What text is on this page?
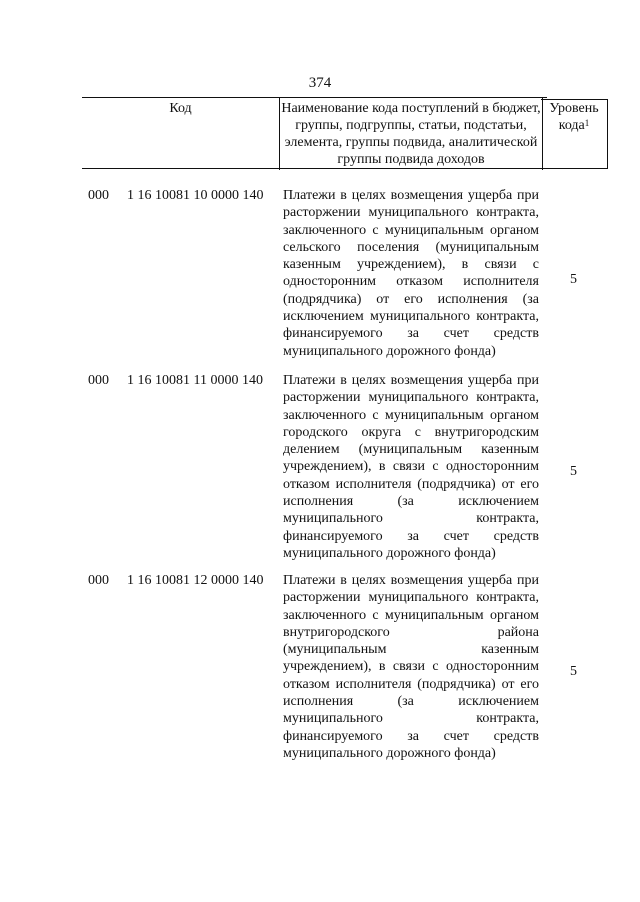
374
Код	Наименование кода поступлений в бюджет, группы, подгруппы, статьи, подстатьи, элемента, группы подвида, аналитической группы подвида доходов
Уровень кода$^1$
000 1 16 10081 10 0000 140 Платежи в целях возмещения ущерба при расторжении муниципального контракта, заключенного с муниципальным органом сельского поселения (муниципальным казенным учреждением), в связи с односторонним отказом исполнителя (подрядчика) от его исполнения (за исключением муниципального контракта, финансируемого за счет средств муниципального дорожного фонда)
5
000 1 16 10081 11 0000 140 Платежи в целях возмещения ущерба при расторжении муниципального контракта, заключенного с муниципальным органом городского округа с внутригородским делением (муниципальным казенным учреждением), в связи с односторонним отказом исполнителя (подрядчика) от его исполнения (за исключением муниципального контракта, финансируемого за счет средств муниципального дорожного фонда)
5
000 1 16 10081 12 0000 140 Платежи в целях возмещения ущерба при расторжении муниципального контракта, заключенного с муниципальным органом внутригородского района (муниципальным казенным учреждением), в связи с односторонним отказом исполнителя (подрядчика) от его исполнения (за исключением муниципального контракта, финансируемого за счет средств муниципального дорожного фонда)
5
